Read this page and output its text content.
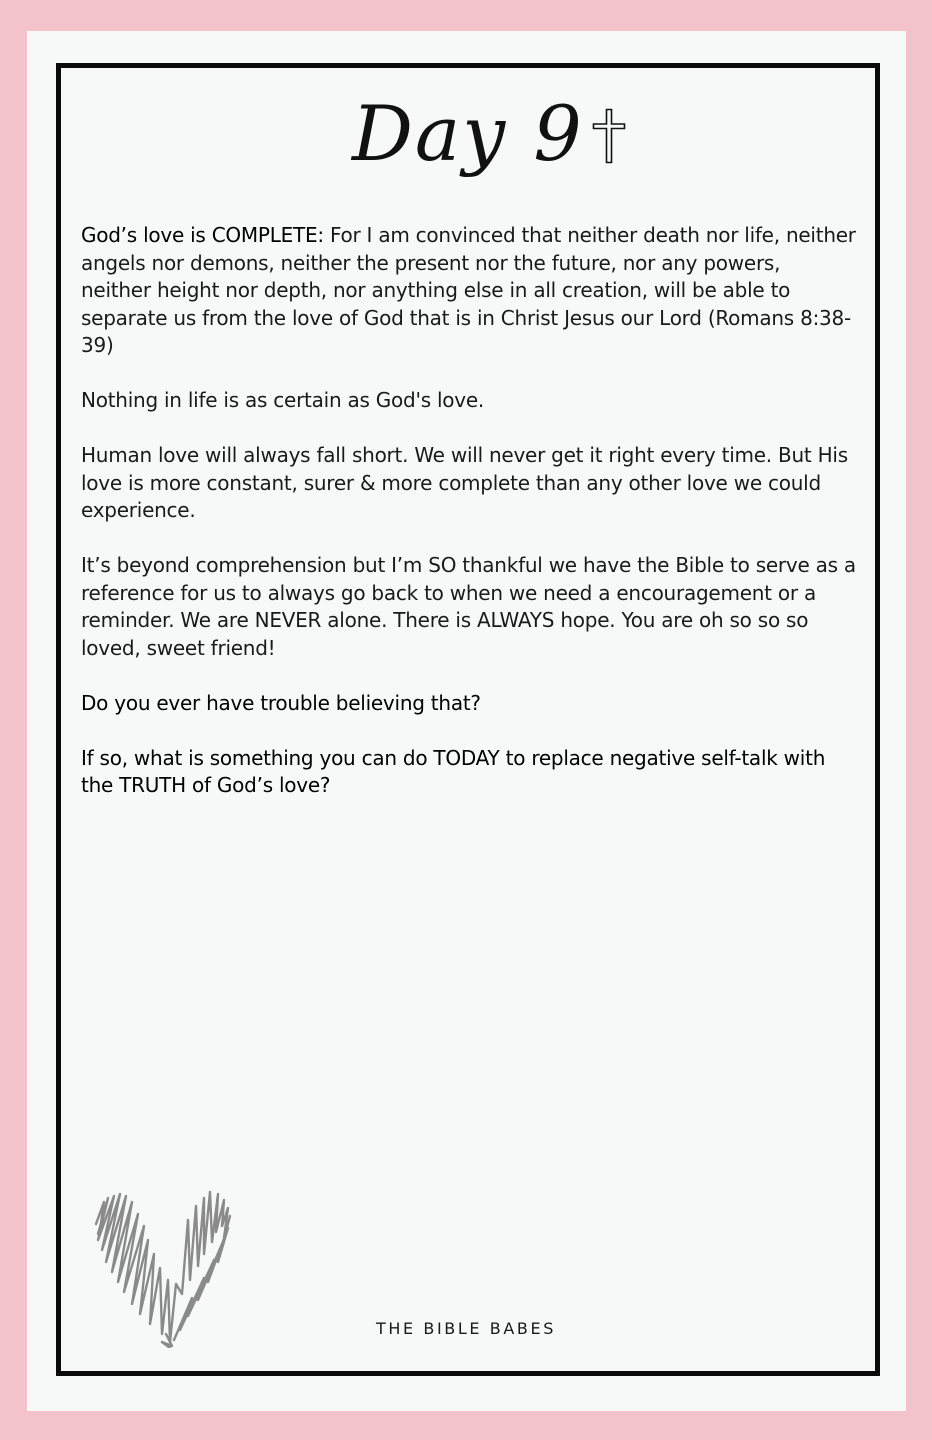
Day 9

God’s love is COMPLETE: For I am convinced that neither death nor life, neither angels nor demons, neither the present nor the future, nor any powers, neither height nor depth, nor anything else in all creation, will be able to separate us from the love of God that is in Christ Jesus our Lord (Romans 8:38-39)

Nothing in life is as certain as God's love.

Human love will always fall short. We will never get it right every time. But His love is more constant, surer & more complete than any other love we could experience.

It’s beyond comprehension but I’m SO thankful we have the Bible to serve as a reference for us to always go back to when we need a encouragement or a reminder. We are NEVER alone. There is ALWAYS hope. You are oh so so so loved, sweet friend!

Do you ever have trouble believing that?

If so, what is something you can do TODAY to replace negative self-talk with the TRUTH of God’s love?

THE BIBLE BABES
